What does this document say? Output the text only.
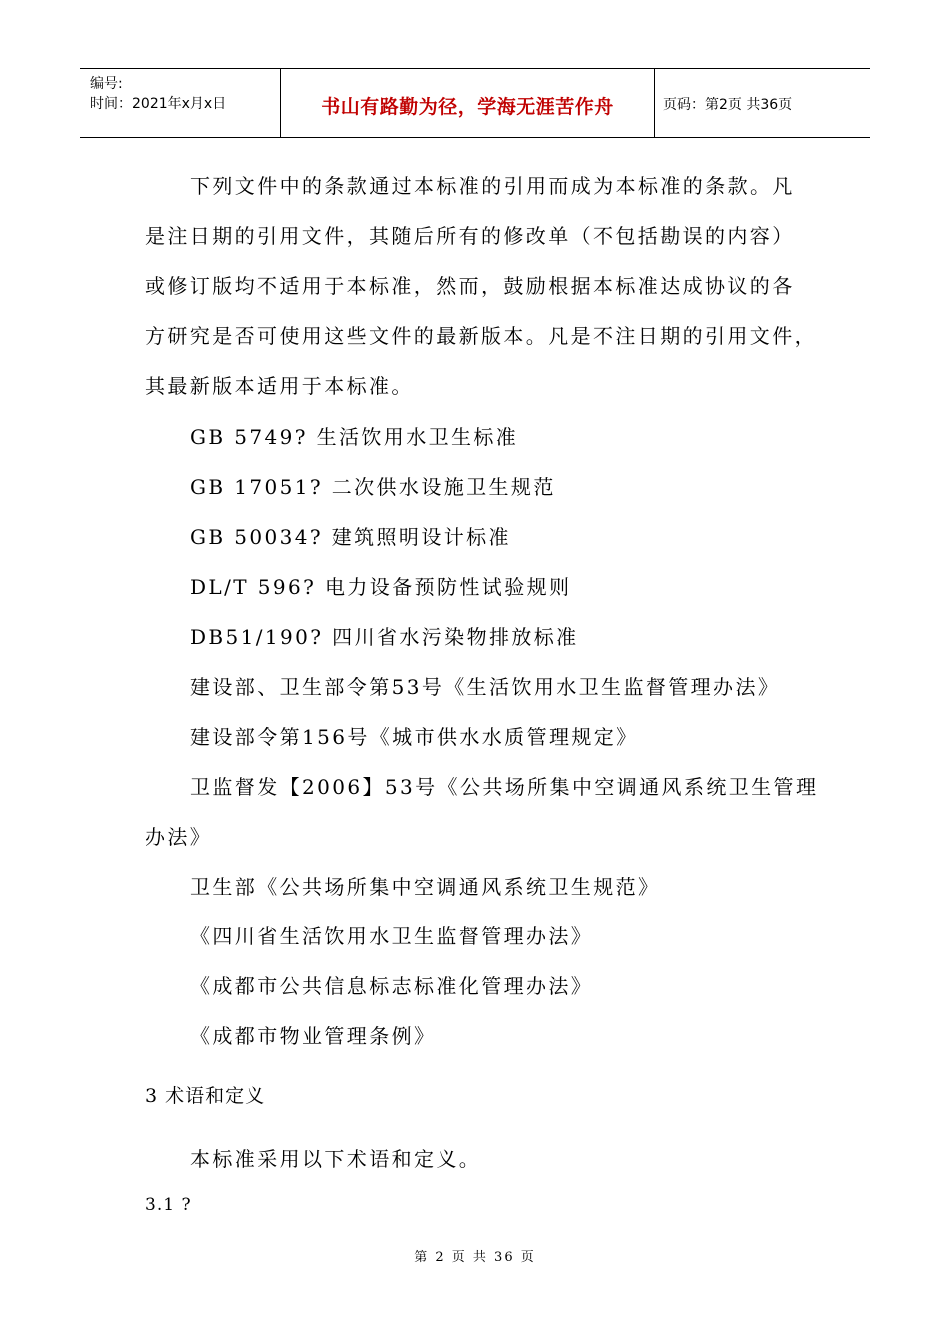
编号:
时间：2021年x月x日	书山有路勤为径，学海无涯苦作舟	页码：第2页 共36页
下列文件中的条款通过本标准的引用而成为本标准的条款。凡
是注日期的引用文件，其随后所有的修改单（不包括勘误的内容）
或修订版均不适用于本标准，然而，鼓励根据本标准达成协议的各
方研究是否可使用这些文件的最新版本。凡是不注日期的引用文件，
其最新版本适用于本标准。
GB 5749? 生活饮用水卫生标准
GB 17051? 二次供水设施卫生规范
GB 50034? 建筑照明设计标准
DL/T 596? 电力设备预防性试验规则
DB51/190? 四川省水污染物排放标准
建设部、卫生部令第53号《生活饮用水卫生监督管理办法》
建设部令第156号《城市供水水质管理规定》
卫监督发【2006】53号《公共场所集中空调通风系统卫生管理
办法》
卫生部《公共场所集中空调通风系统卫生规范》
《四川省生活饮用水卫生监督管理办法》
《成都市公共信息标志标准化管理办法》
《成都市物业管理条例》
3 术语和定义
本标准采用以下术语和定义。
3.1 ?
第 2 页 共 36 页
